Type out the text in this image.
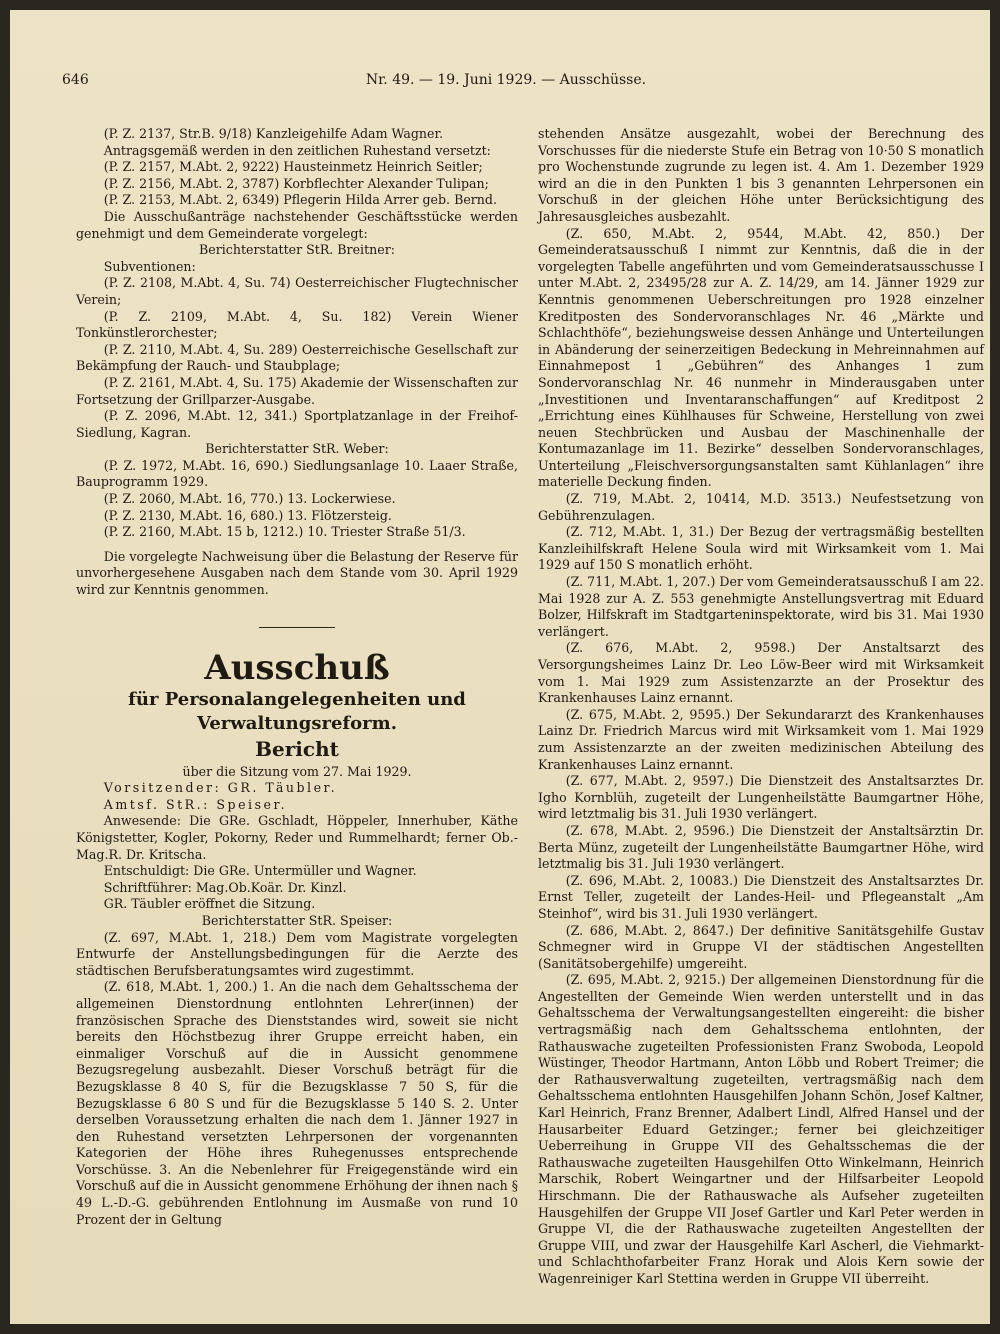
646	Nr. 49. — 19. Juni 1929. — Ausschüsse.

(P. Z. 2137, Str.B. 9/18) Kanzleigehilfe Adam Wagner.

Antragsgemäß werden in den zeitlichen Ruhestand versetzt:

(P. Z. 2157, M.Abt. 2, 9222) Hausteinmetz Heinrich Seitler;

(P. Z. 2156, M.Abt. 2, 3787) Korbflechter Alexander Tulipan;

(P. Z. 2153, M.Abt. 2, 6349) Pflegerin Hilda Arrer geb. Bernd.

Die Ausschußanträge nachstehender Geschäftsstücke werden genehmigt und dem Gemeinderate vorgelegt:

Berichterstatter StR. Breitner:

Subventionen:

(P. Z. 2108, M.Abt. 4, Su. 74) Oesterreichischer Flugtechnischer Verein;

(P. Z. 2109, M.Abt. 4, Su. 182) Verein Wiener Tonkünstlerorchester;

(P. Z. 2110, M.Abt. 4, Su. 289) Oesterreichische Gesellschaft zur Bekämpfung der Rauch- und Staubplage;

(P. Z. 2161, M.Abt. 4, Su. 175) Akademie der Wissenschaften zur Fortsetzung der Grillparzer-Ausgabe.

(P. Z. 2096, M.Abt. 12, 341.) Sportplatzanlage in der Freihof-Siedlung, Kagran.

Berichterstatter StR. Weber:

(P. Z. 1972, M.Abt. 16, 690.) Siedlungsanlage 10. Laaer Straße, Bauprogramm 1929.

(P. Z. 2060, M.Abt. 16, 770.) 13. Lockerwiese.

(P. Z. 2130, M.Abt. 16, 680.) 13. Flötzersteig.

(P. Z. 2160, M.Abt. 15 b, 1212.) 10. Triester Straße 51/3.

Die vorgelegte Nachweisung über die Belastung der Reserve für unvorhergesehene Ausgaben nach dem Stande vom 30. April 1929 wird zur Kenntnis genommen.

Ausschuß
für Personalangelegenheiten und Verwaltungsreform.
Bericht

über die Sitzung vom 27. Mai 1929.

Vorsitzender: GR. Täubler.

Amtsf. StR.: Speiser.

Anwesende: Die GRe. Gschladt, Höppeler, Innerhuber, Käthe Königstetter, Kogler, Pokorny, Reder und Rummelhardt; ferner Ob.-Mag.R. Dr. Kritscha.

Entschuldigt: Die GRe. Untermüller und Wagner.

Schriftführer: Mag.Ob.Koär. Dr. Kinzl.

GR. Täubler eröffnet die Sitzung.

Berichterstatter StR. Speiser:

(Z. 697, M.Abt. 1, 218.) Dem vom Magistrate vorgelegten Entwurfe der Anstellungsbedingungen für die Aerzte des städtischen Berufsberatungsamtes wird zugestimmt.

(Z. 618, M.Abt. 1, 200.) 1. An die nach dem Gehaltsschema der allgemeinen Dienstordnung entlohnten Lehrer(innen) der französischen Sprache des Dienststandes wird, soweit sie nicht bereits den Höchstbezug ihrer Gruppe erreicht haben, ein einmaliger Vorschuß auf die in Aussicht genommene Bezugsregelung ausbezahlt. Dieser Vorschuß beträgt für die Bezugsklasse 8 40 S, für die Bezugsklasse 7 50 S, für die Bezugsklasse 6 80 S und für die Bezugsklasse 5 140 S. 2. Unter derselben Voraussetzung erhalten die nach dem 1. Jänner 1927 in den Ruhestand versetzten Lehrpersonen der vorgenannten Kategorien der Höhe ihres Ruhegenusses entsprechende Vorschüsse. 3. An die Nebenlehrer für Freigegenstände wird ein Vorschuß auf die in Aussicht genommene Erhöhung der ihnen nach § 49 L.-D.-G. gebührenden Entlohnung im Ausmaße von rund 10 Prozent der in Geltung

stehenden Ansätze ausgezahlt, wobei der Berechnung des Vorschusses für die niederste Stufe ein Betrag von 10·50 S monatlich pro Wochenstunde zugrunde zu legen ist. 4. Am 1. Dezember 1929 wird an die in den Punkten 1 bis 3 genannten Lehrpersonen ein Vorschuß in der gleichen Höhe unter Berücksichtigung des Jahresausgleiches ausbezahlt.

(Z. 650, M.Abt. 2, 9544, M.Abt. 42, 850.) Der Gemeinderatsausschuß I nimmt zur Kenntnis, daß die in der vorgelegten Tabelle angeführten und vom Gemeinderatsausschusse I unter M.Abt. 2, 23495/28 zur A. Z. 14/29, am 14. Jänner 1929 zur Kenntnis genommenen Ueberschreitungen pro 1928 einzelner Kreditposten des Sondervoranschlages Nr. 46 „Märkte und Schlachthöfe“, beziehungsweise dessen Anhänge und Unterteilungen in Abänderung der seinerzeitigen Bedeckung in Mehreinnahmen auf Einnahmepost 1 „Gebühren“ des Anhanges 1 zum Sondervoranschlag Nr. 46 nunmehr in Minderausgaben unter „Investitionen und Inventaranschaffungen“ auf Kreditpost 2 „Errichtung eines Kühlhauses für Schweine, Herstellung von zwei neuen Stechbrücken und Ausbau der Maschinenhalle der Kontumazanlage im 11. Bezirke“ desselben Sondervoranschlages, Unterteilung „Fleischversorgungsanstalten samt Kühlanlagen“ ihre materielle Deckung finden.

(Z. 719, M.Abt. 2, 10414, M.D. 3513.) Neufestsetzung von Gebührenzulagen.

(Z. 712, M.Abt. 1, 31.) Der Bezug der vertragsmäßig bestellten Kanzleihilfskraft Helene Soula wird mit Wirksamkeit vom 1. Mai 1929 auf 150 S monatlich erhöht.

(Z. 711, M.Abt. 1, 207.) Der vom Gemeinderatsausschuß I am 22. Mai 1928 zur A. Z. 553 genehmigte Anstellungsvertrag mit Eduard Bolzer, Hilfskraft im Stadtgarteninspektorate, wird bis 31. Mai 1930 verlängert.

(Z. 676, M.Abt. 2, 9598.) Der Anstaltsarzt des Versorgungsheimes Lainz Dr. Leo Löw-Beer wird mit Wirksamkeit vom 1. Mai 1929 zum Assistenzarzte an der Prosektur des Krankenhauses Lainz ernannt.

(Z. 675, M.Abt. 2, 9595.) Der Sekundararzt des Krankenhauses Lainz Dr. Friedrich Marcus wird mit Wirksamkeit vom 1. Mai 1929 zum Assistenzarzte an der zweiten medizinischen Abteilung des Krankenhauses Lainz ernannt.

(Z. 677, M.Abt. 2, 9597.) Die Dienstzeit des Anstaltsarztes Dr. Igho Kornblüh, zugeteilt der Lungenheilstätte Baumgartner Höhe, wird letztmalig bis 31. Juli 1930 verlängert.

(Z. 678, M.Abt. 2, 9596.) Die Dienstzeit der Anstaltsärztin Dr. Berta Münz, zugeteilt der Lungenheilstätte Baumgartner Höhe, wird letztmalig bis 31. Juli 1930 verlängert.

(Z. 696, M.Abt. 2, 10083.) Die Dienstzeit des Anstaltsarztes Dr. Ernst Teller, zugeteilt der Landes-Heil- und Pflegeanstalt „Am Steinhof“, wird bis 31. Juli 1930 verlängert.

(Z. 686, M.Abt. 2, 8647.) Der definitive Sanitätsgehilfe Gustav Schmegner wird in Gruppe VI der städtischen Angestellten (Sanitätsobergehilfe) umgereiht.

(Z. 695, M.Abt. 2, 9215.) Der allgemeinen Dienstordnung für die Angestellten der Gemeinde Wien werden unterstellt und in das Gehaltsschema der Verwaltungsangestellten eingereiht: die bisher vertragsmäßig nach dem Gehaltsschema entlohnten, der Rathauswache zugeteilten Professionisten Franz Swoboda, Leopold Wüstinger, Theodor Hartmann, Anton Löbb und Robert Treimer; die der Rathausverwaltung zugeteilten, vertragsmäßig nach dem Gehaltsschema entlohnten Hausgehilfen Johann Schön, Josef Kaltner, Karl Heinrich, Franz Brenner, Adalbert Lindl, Alfred Hansel und der Hausarbeiter Eduard Getzinger.; ferner bei gleichzeitiger Ueberreihung in Gruppe VII des Gehaltsschemas die der Rathauswache zugeteilten Hausgehilfen Otto Winkelmann, Heinrich Marschik, Robert Weingartner und der Hilfsarbeiter Leopold Hirschmann. Die der Rathauswache als Aufseher zugeteilten Hausgehilfen der Gruppe VII Josef Gartler und Karl Peter werden in Gruppe VI, die der Rathauswache zugeteilten Angestellten der Gruppe VIII, und zwar der Hausgehilfe Karl Ascherl, die Viehmarkt- und Schlachthofarbeiter Franz Horak und Alois Kern sowie der Wagenreiniger Karl Stettina werden in Gruppe VII überreiht.
